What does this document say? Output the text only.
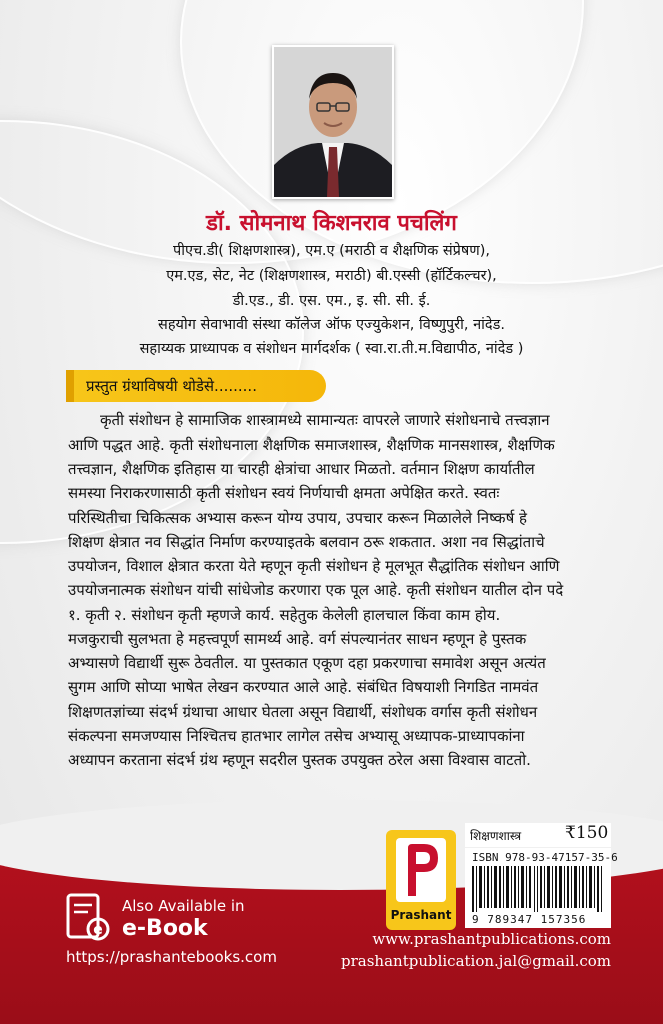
डॉ. सोमनाथ किशनराव पचलिंग
पीएच.डी( शिक्षणशास्त्र), एम.ए (मराठी व शैक्षणिक संप्रेषण),
एम.एड, सेट, नेट (शिक्षणशास्त्र, मराठी) बी.एस्सी (हॉर्टिकल्चर),
डी.एड., डी. एस. एम., इ. सी. सी. ई.
सहयोग सेवाभावी संस्था कॉलेज ऑफ एज्युकेशन, विष्णुपुरी, नांदेड.
सहाय्यक प्राध्यापक व संशोधन मार्गदर्शक ( स्वा.रा.ती.म.विद्यापीठ, नांदेड )
प्रस्तुत ग्रंथाविषयी थोडेसे.........
कृती संशोधन हे सामाजिक शास्त्रामध्ये सामान्यतः वापरले जाणारे संशोधनाचे तत्त्वज्ञान
आणि पद्धत आहे. कृती संशोधनाला शैक्षणिक समाजशास्त्र, शैक्षणिक मानसशास्त्र, शैक्षणिक
तत्त्वज्ञान, शैक्षणिक इतिहास या चारही क्षेत्रांचा आधार मिळतो. वर्तमान शिक्षण कार्यातील
समस्या निराकरणासाठी कृती संशोधन स्वयं निर्णयाची क्षमता अपेक्षित करते. स्वतः
परिस्थितीचा चिकित्सक अभ्यास करून योग्य उपाय, उपचार करून मिळालेले निष्कर्ष हे
शिक्षण क्षेत्रात नव सिद्धांत निर्माण करण्याइतके बलवान ठरू शकतात. अशा नव सिद्धांताचे
उपयोजन, विशाल क्षेत्रात करता येते म्हणून कृती संशोधन हे मूलभूत सैद्धांतिक संशोधन आणि
उपयोजनात्मक संशोधन यांची सांधेजोड करणारा एक पूल आहे. कृती संशोधन यातील दोन पदे
१. कृती २. संशोधन कृती म्हणजे कार्य. सहेतुक केलेली हालचाल किंवा काम होय.
मजकुराची सुलभता हे महत्त्वपूर्ण सामर्थ्य आहे. वर्ग संपल्यानंतर साधन म्हणून हे पुस्तक
अभ्यासणे विद्यार्थी सुरू ठेवतील. या पुस्तकात एकूण दहा प्रकरणाचा समावेश असून अत्यंत
सुगम आणि सोप्या भाषेत लेखन करण्यात आले आहे. संबंधित विषयाशी निगडित नामवंत
शिक्षणतज्ञांच्या संदर्भ ग्रंथाचा आधार घेतला असून विद्यार्थी, संशोधक वर्गास कृती संशोधन
संकल्पना समजण्यास निश्चितच हातभार लागेल तसेच अभ्यासू अध्यापक-प्राध्यापकांना
अध्यापन करताना संदर्भ ग्रंथ म्हणून सदरील पुस्तक उपयुक्त ठरेल असा विश्वास वाटतो.
शिक्षणशास्त्र	₹150
ISBN 978-93-47157-35-6
9 789347 157356
Prashant
e
Also Available in
e-Book
https://prashantebooks.com
www.prashantpublications.com
prashantpublication.jal@gmail.com
